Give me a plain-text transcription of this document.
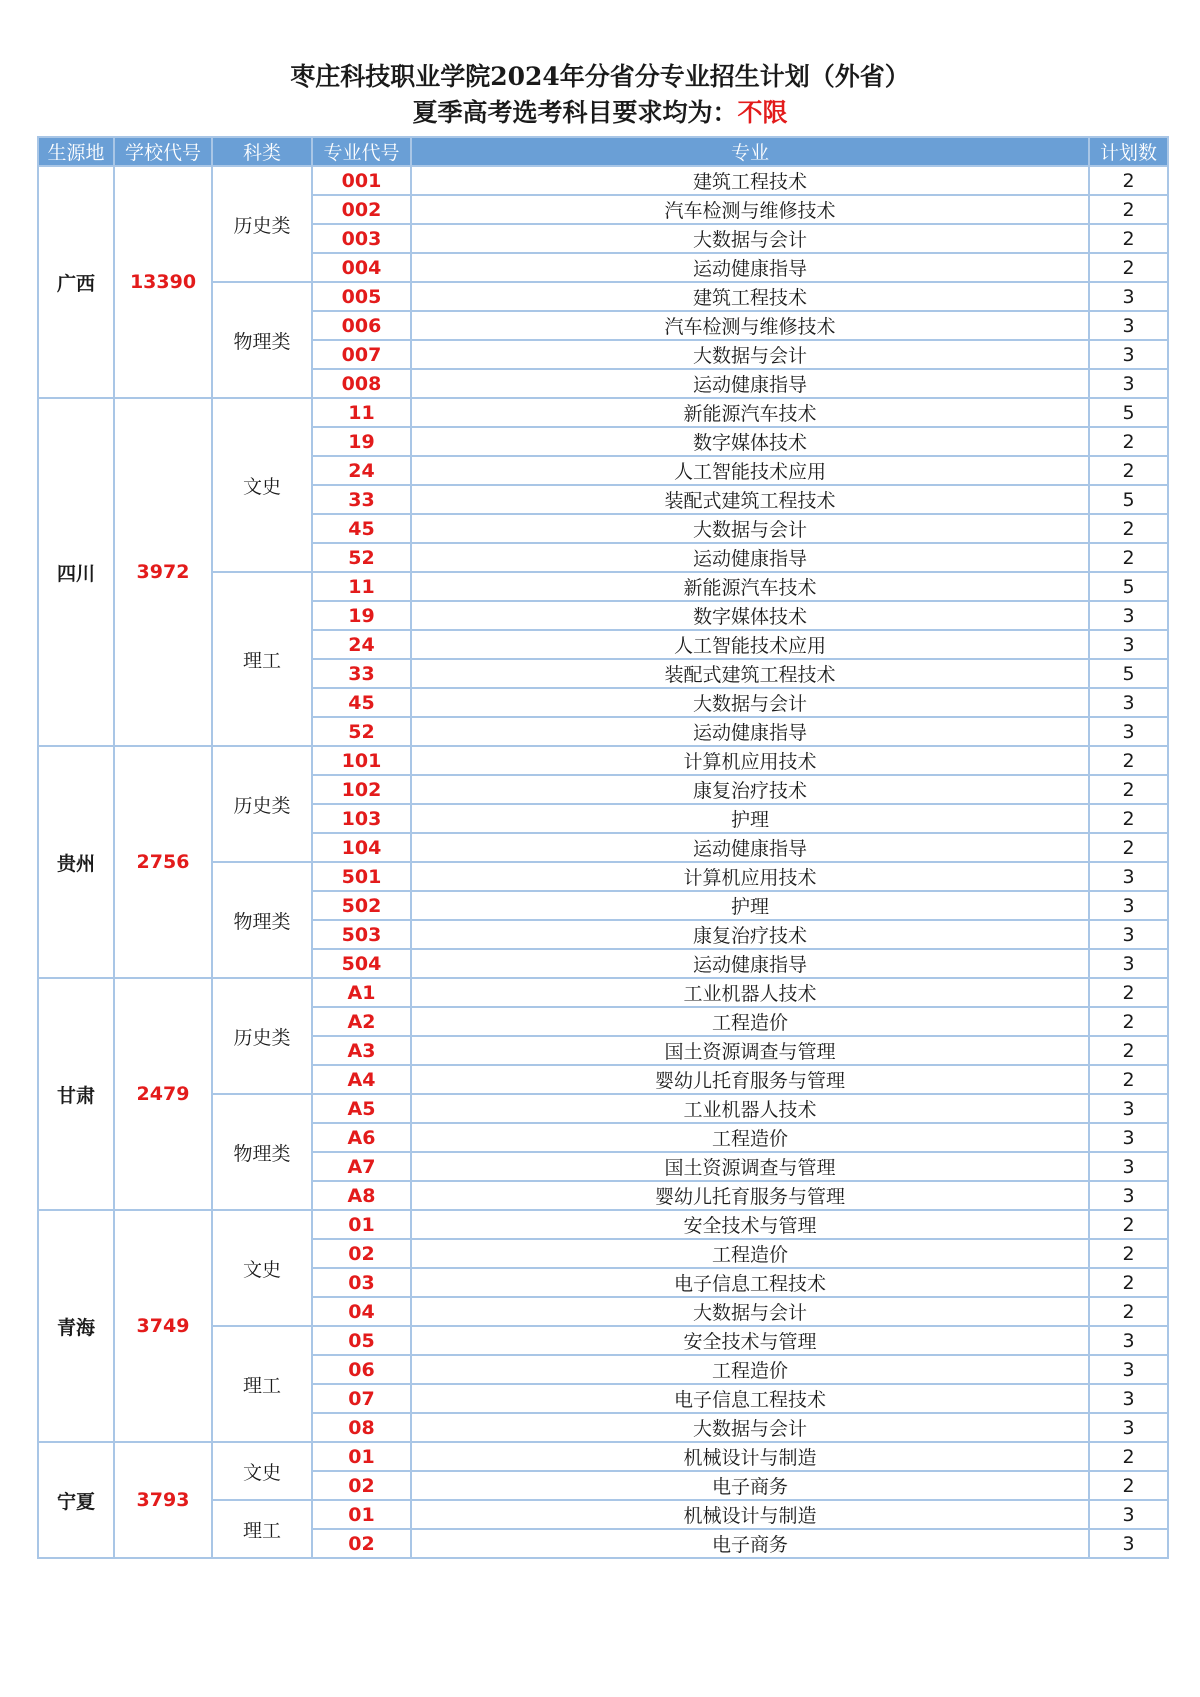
枣庄科技职业学院2024年分省分专业招生计划（外省）
夏季高考选考科目要求均为：不限
生源地	学校代号	科类	专业代号	专业	计划数
广西	13390	历史类	001	建筑工程技术	2
			002	汽车检测与维修技术	2
			003	大数据与会计	2
			004	运动健康指导	2
		物理类	005	建筑工程技术	3
			006	汽车检测与维修技术	3
			007	大数据与会计	3
			008	运动健康指导	3
四川	3972	文史	11	新能源汽车技术	5
			19	数字媒体技术	2
			24	人工智能技术应用	2
			33	装配式建筑工程技术	5
			45	大数据与会计	2
			52	运动健康指导	2
		理工	11	新能源汽车技术	5
			19	数字媒体技术	3
			24	人工智能技术应用	3
			33	装配式建筑工程技术	5
			45	大数据与会计	3
			52	运动健康指导	3
贵州	2756	历史类	101	计算机应用技术	2
			102	康复治疗技术	2
			103	护理	2
			104	运动健康指导	2
		物理类	501	计算机应用技术	3
			502	护理	3
			503	康复治疗技术	3
			504	运动健康指导	3
甘肃	2479	历史类	A1	工业机器人技术	2
			A2	工程造价	2
			A3	国土资源调查与管理	2
			A4	婴幼儿托育服务与管理	2
		物理类	A5	工业机器人技术	3
			A6	工程造价	3
			A7	国土资源调查与管理	3
			A8	婴幼儿托育服务与管理	3
青海	3749	文史	01	安全技术与管理	2
			02	工程造价	2
			03	电子信息工程技术	2
			04	大数据与会计	2
		理工	05	安全技术与管理	3
			06	工程造价	3
			07	电子信息工程技术	3
			08	大数据与会计	3
宁夏	3793	文史	01	机械设计与制造	2
			02	电子商务	2
		理工	01	机械设计与制造	3
			02	电子商务	3
